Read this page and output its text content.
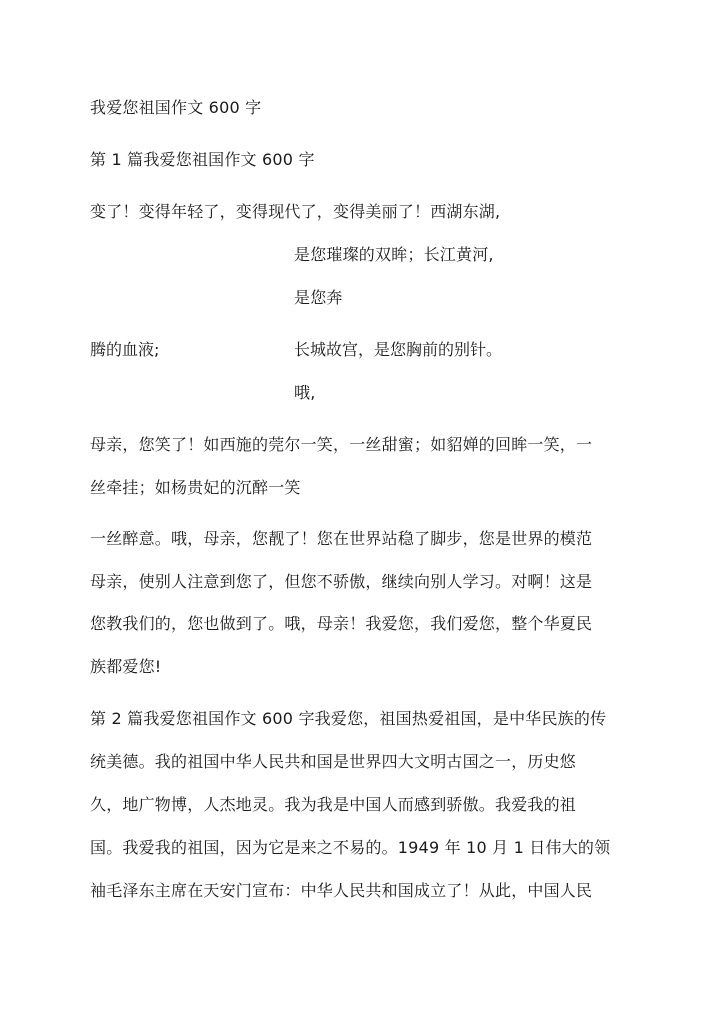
我爱您祖国作文 600 字
第 1 篇我爱您祖国作文 600 字
变了！变得年轻了，变得现代了，变得美丽了！西湖东湖,
是您璀璨的双眸；长江黄河,
是您奔
腾的血液;	长城故宫，是您胸前的别针。
哦,
母亲，您笑了！如西施的莞尔一笑，一丝甜蜜；如貂婵的回眸一笑，一
丝牵挂；如杨贵妃的沉醉一笑
一丝醉意。哦，母亲，您靓了！您在世界站稳了脚步，您是世界的模范
母亲，使别人注意到您了，但您不骄傲，继续向别人学习。对啊！这是
您教我们的，您也做到了。哦，母亲！我爱您，我们爱您，整个华夏民
族都爱您!
第 2 篇我爱您祖国作文 600 字我爱您，祖国热爱祖国，是中华民族的传
统美德。我的祖国中华人民共和国是世界四大文明古国之一，历史悠
久，地广物博，人杰地灵。我为我是中国人而感到骄傲。我爱我的祖
国。我爱我的祖国，因为它是来之不易的。1949 年 10 月 1 日伟大的领
袖毛泽东主席在天安门宣布：中华人民共和国成立了！从此，中国人民
